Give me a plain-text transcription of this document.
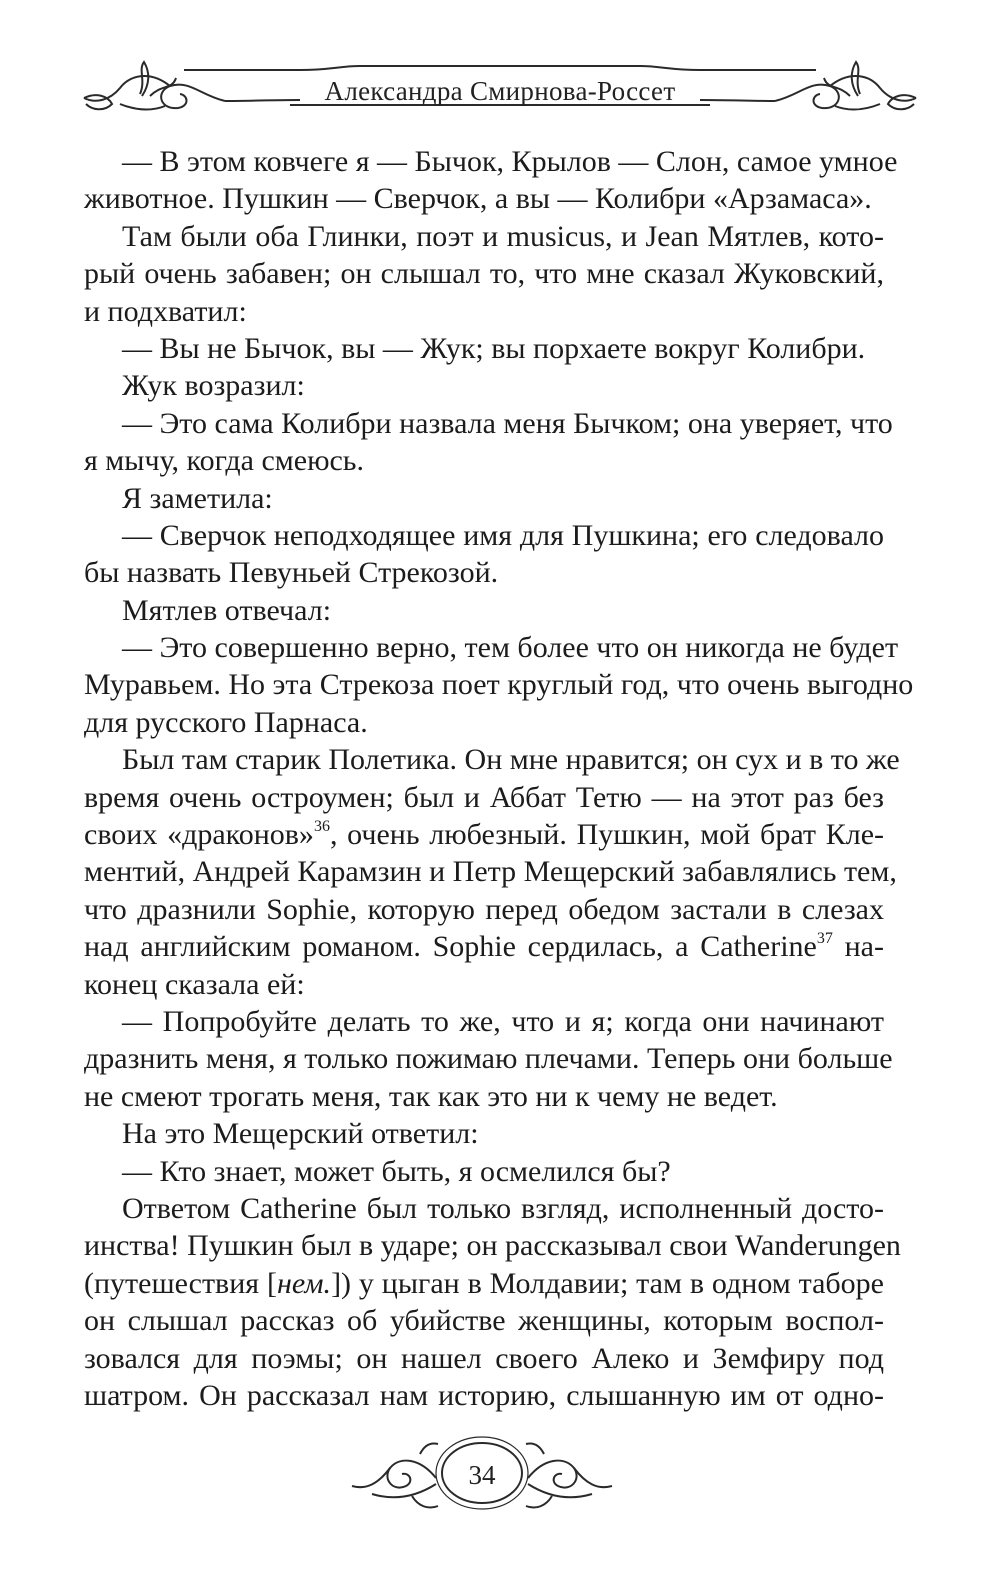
Александра Смирнова-Россет
— В этом ковчеге я — Бычок, Крылов — Слон, самое умное
животное. Пушкин — Сверчок, а вы — Колибри «Арзамаса».
Там были оба Глинки, поэт и musicus, и Jean Мятлев, кото-
рый очень забавен; он слышал то, что мне сказал Жуковский,
и подхватил:
— Вы не Бычок, вы — Жук; вы порхаете вокруг Колибри.
Жук возразил:
— Это сама Колибри назвала меня Бычком; она уверяет, что
я мычу, когда смеюсь.
Я заметила:
— Сверчок неподходящее имя для Пушкина; его следовало
бы назвать Певуньей Стрекозой.
Мятлев отвечал:
— Это совершенно верно, тем более что он никогда не будет
Муравьем. Но эта Стрекоза поет круглый год, что очень выгодно
для русского Парнаса.
Был там старик Полетика. Он мне нравится; он сух и в то же
время очень остроумен; был и Аббат Тетю — на этот раз без
своих «драконов»$^{36}$, очень любезный. Пушкин, мой брат Кле-
ментий, Андрей Карамзин и Петр Мещерский забавлялись тем,
что дразнили Sophie, которую перед обедом застали в слезах
над английским романом. Sophie сердилась, а Catherine$^{37}$ на-
конец сказала ей:
— Попробуйте делать то же, что и я; когда они начинают
дразнить меня, я только пожимаю плечами. Теперь они больше
не смеют трогать меня, так как это ни к чему не ведет.
На это Мещерский ответил:
— Кто знает, может быть, я осмелился бы?
Ответом Catherine был только взгляд, исполненный досто-
инства! Пушкин был в ударе; он рассказывал свои Wanderungen
(путешествия [нем.]) у цыган в Молдавии; там в одном таборе
он слышал рассказ об убийстве женщины, которым воспол-
зовался для поэмы; он нашел своего Алеко и Земфиру под
шатром. Он рассказал нам историю, слышанную им от одно-
34
